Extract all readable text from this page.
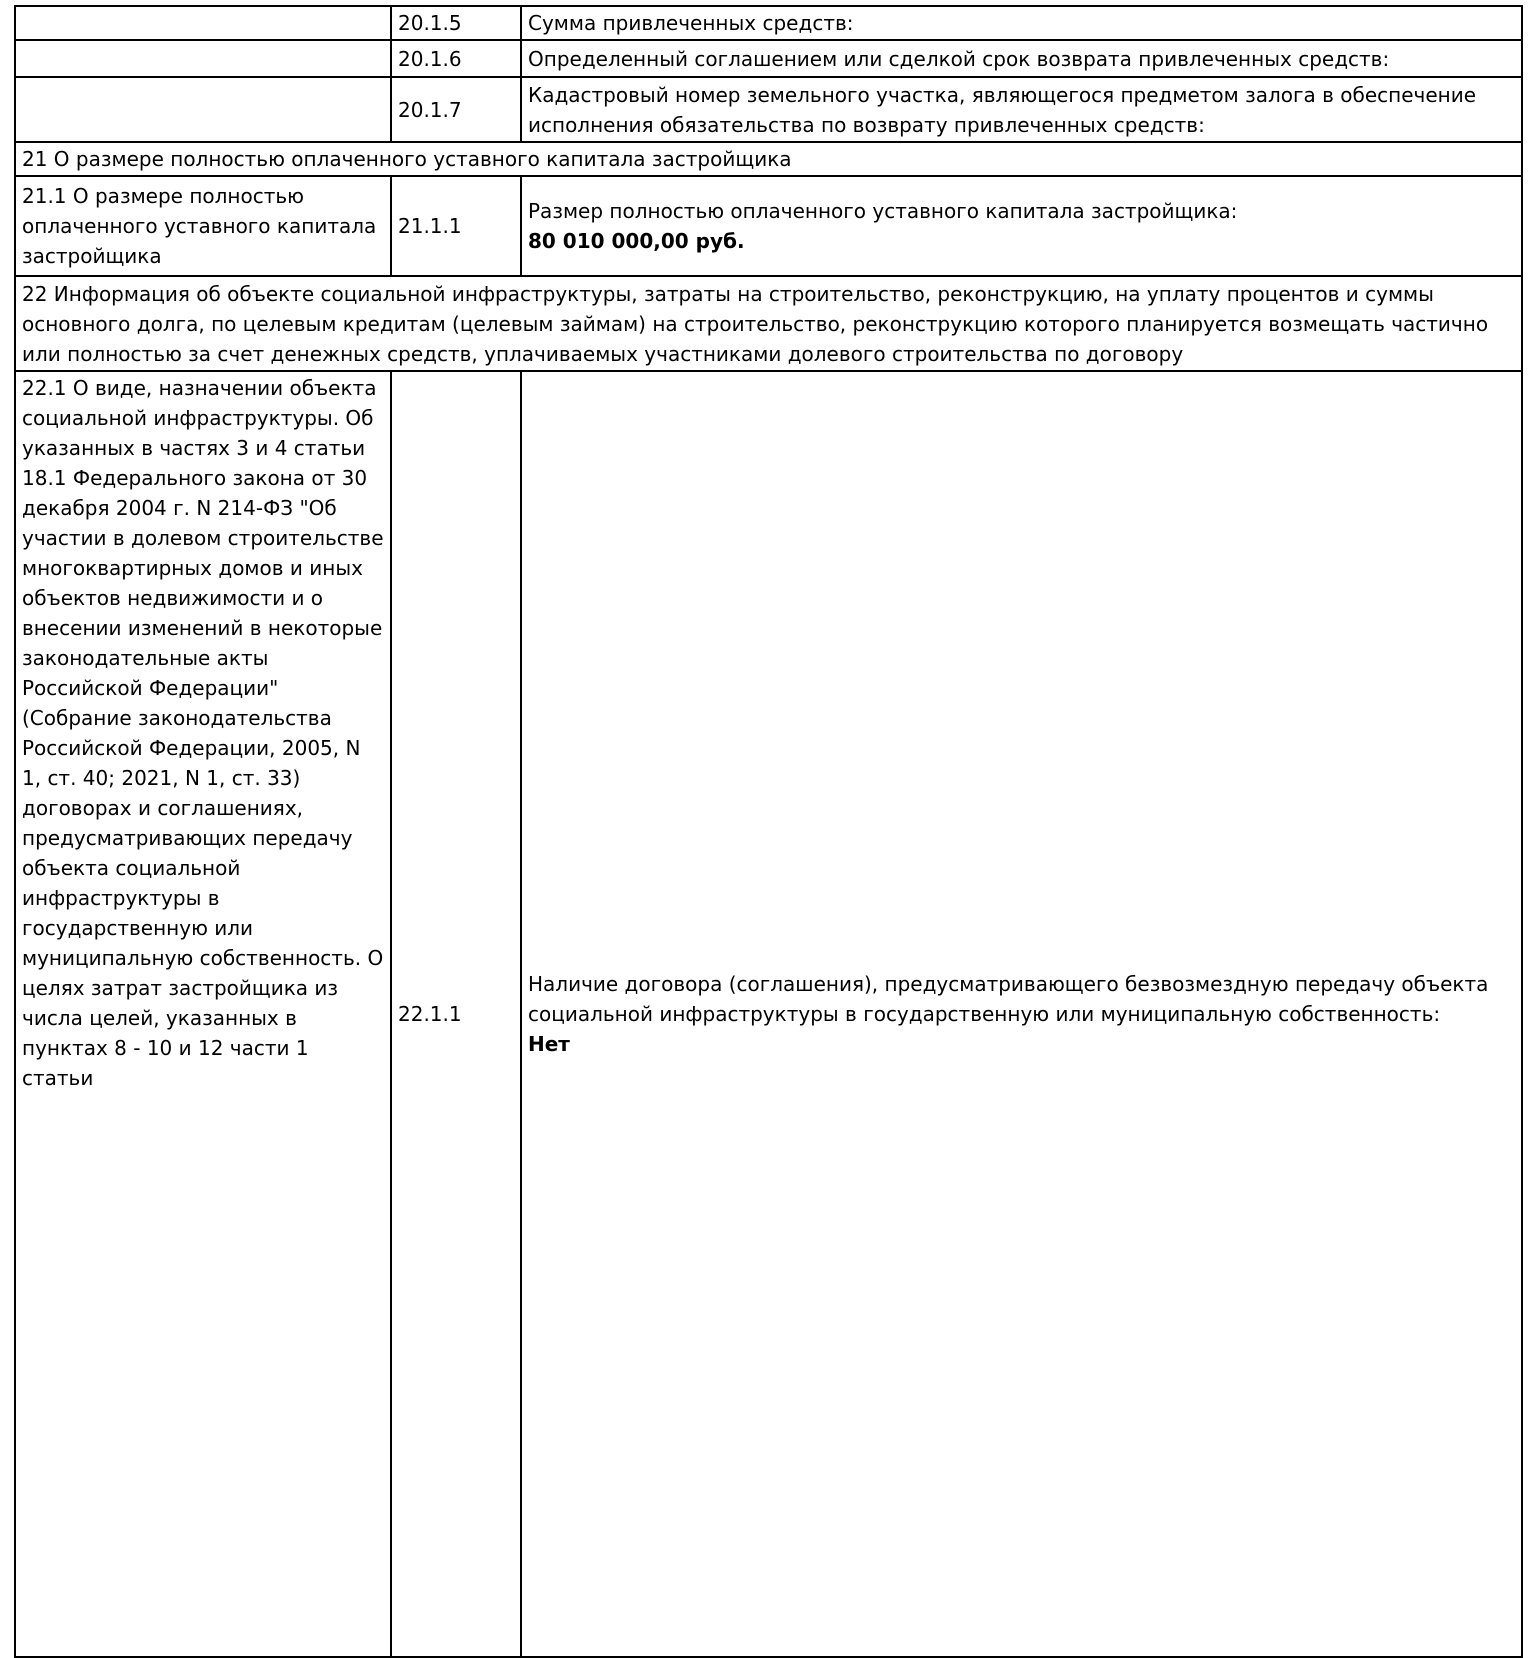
	20.1.5	Сумма привлеченных средств:

	20.1.6	Определенный соглашением или сделкой срок возврата привлеченных средств:

	20.1.7	Кадастровый номер земельного участка, являющегося предметом залога в обеспечение исполнения обязательства по возврату привлеченных средств:

21 О размере полностью оплаченного уставного капитала застройщика		
21.1 О размере полностью оплаченного уставного капитала застройщика	21.1.1	Размер полностью оплаченного уставного капитала застройщика:
80 010 000,00 руб.

22 Информация об объекте социальной инфраструктуры, затраты на строительство, реконструкцию, на уплату процентов и суммы основного долга, по целевым кредитам (целевым займам) на строительство, реконструкцию которого планируется возмещать частично или полностью за счет денежных средств, уплачиваемых участниками долевого строительства по договору		
22.1 О виде, назначении объекта социальной инфраструктуры. Об указанных в частях 3 и 4 статьи 18.1 Федерального закона от 30 декабря 2004 г. N 214-ФЗ "Об участии в долевом строительстве многоквартирных домов и иных объектов недвижимости и о внесении изменений в некоторые законодательные акты Российской Федерации" (Собрание законодательства Российской Федерации, 2005, N 1, ст. 40; 2021, N 1, ст. 33) договорах и соглашениях, предусматривающих передачу объекта социальной инфраструктуры в государственную или муниципальную собственность. О целях затрат застройщика из числа целей, указанных в пунктах 8 - 10 и 12 части 1 статьи	22.1.1	Наличие договора (соглашения), предусматривающего безвозмездную передачу объекта социальной инфраструктуры в государственную или муниципальную собственность:
Нет
